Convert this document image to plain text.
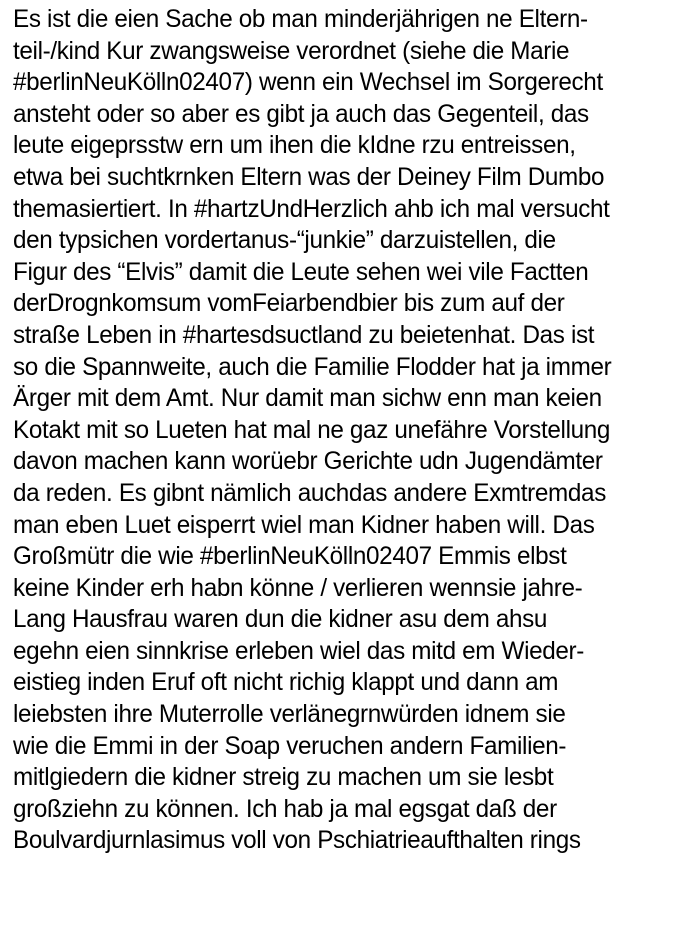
Es ist die eien Sache ob man minderjährigen ne Eltern-
teil-/kind Kur zwangsweise verordnet (siehe die Marie
#berlinNeuKölln02407) wenn ein Wechsel im Sorgerecht
ansteht oder so aber es gibt ja auch das Gegenteil, das
leute eigeprsstw ern um ihen die kIdne rzu entreissen,
etwa bei suchtkrnken Eltern was der Deiney Film Dumbo
themasiertiert. In #hartzUndHerzlich ahb ich mal versucht
den typsichen vordertanus-“junkie” darzuistellen, die
Figur des “Elvis” damit die Leute sehen wei vile Factten
derDrognkomsum vomFeiarbendbier bis zum auf der
straße Leben in #hartesdsuctland zu beietenhat. Das ist
so die Spannweite, auch die Familie Flodder hat ja immer
Ärger mit dem Amt. Nur damit man sichw enn man keien
Kotakt mit so Lueten hat mal ne gaz unefähre Vorstellung
davon machen kann worüebr Gerichte udn Jugendämter
da reden. Es gibnt nämlich auchdas andere Exmtremdas
man eben Luet eisperrt wiel man Kidner haben will. Das
Großmütr die wie #berlinNeuKölln02407 Emmis elbst
keine Kinder erh habn könne / verlieren wennsie jahre-
Lang Hausfrau waren dun die kidner asu dem ahsu
egehn eien sinnkrise erleben wiel das mitd em Wieder-
eistieg inden Eruf oft nicht richig klappt und dann am
leiebsten ihre Muterrolle verlänegrnwürden idnem sie
wie die Emmi in der Soap veruchen andern Familien-
mitlgiedern die kidner streig zu machen um sie lesbt
großziehn zu können. Ich hab ja mal egsgat daß der
Boulvardjurnlasimus voll von Pschiatrieaufthalten rings
